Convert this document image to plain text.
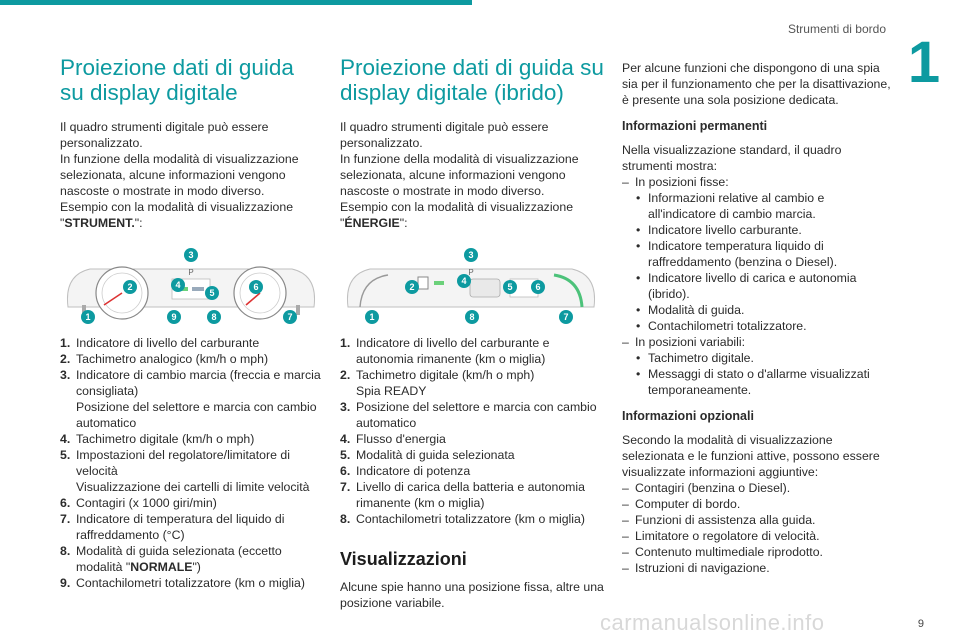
Strumenti di bordo
1
Proiezione dati di guida su display digitale

Il quadro strumenti digitale può essere personalizzato.

In funzione della modalità di visualizzazione selezionata, alcune informazioni vengono nascoste o mostrate in modo diverso.

Esempio con la modalità di visualizzazione "STRUMENT.":

P
3
2	4
5
6
1	9	8	7
1. Indicatore di livello del carburante
2. Tachimetro analogico (km/h o mph)
3. Indicatore di cambio marcia (freccia e marcia consigliata)
Posizione del selettore e marcia con cambio automatico
4. Tachimetro digitale (km/h o mph)
5. Impostazioni del regolatore/limitatore di velocità
Visualizzazione dei cartelli di limite velocità
6. Contagiri (x 1000 giri/min)
7. Indicatore di temperatura del liquido di raffreddamento (°C)
8. Modalità di guida selezionata (eccetto modalità "NORMALE")
9. Contachilometri totalizzatore (km o miglia)
Proiezione dati di guida su display digitale (ibrido)

Il quadro strumenti digitale può essere personalizzato.

In funzione della modalità di visualizzazione selezionata, alcune informazioni vengono nascoste o mostrate in modo diverso.

Esempio con la modalità di visualizzazione "ÉNERGIE":

P
3
2
4
5	6
1	8	7
1. Indicatore di livello del carburante e autonomia rimanente (km o miglia)
2. Tachimetro digitale (km/h o mph)
Spia READY
3. Posizione del selettore e marcia con cambio automatico
4. Flusso d'energia
5. Modalità di guida selezionata
6. Indicatore di potenza
7. Livello di carica della batteria e autonomia rimanente (km o miglia)
8. Contachilometri totalizzatore (km o miglia)
Visualizzazioni

Alcune spie hanno una posizione fissa, altre una posizione variabile.

Per alcune funzioni che dispongono di una spia sia per il funzionamento che per la disattivazione, è presente una sola posizione dedicata.

Informazioni permanenti

Nella visualizzazione standard, il quadro strumenti mostra:

– In posizioni fisse:
• Informazioni relative al cambio e all'indicatore di cambio marcia.
• Indicatore livello carburante.
• Indicatore temperatura liquido di raffreddamento (benzina o Diesel).
• Indicatore livello di carica e autonomia (ibrido).
• Modalità di guida.
• Contachilometri totalizzatore.
– In posizioni variabili:
• Tachimetro digitale.
• Messaggi di stato o d'allarme visualizzati temporaneamente.
Informazioni opzionali

Secondo la modalità di visualizzazione selezionata e le funzioni attive, possono essere visualizzate informazioni aggiuntive:

– Contagiri (benzina o Diesel).
– Computer di bordo.
– Funzioni di assistenza alla guida.
– Limitatore o regolatore di velocità.
– Contenuto multimediale riprodotto.
– Istruzioni di navigazione.
carmanualsonline.info	9
